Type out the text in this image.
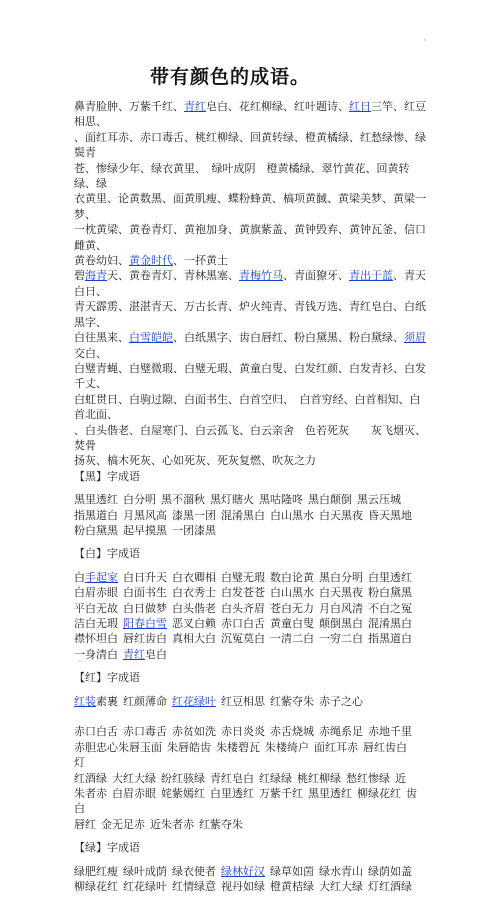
'
带有颜色的成语。

鼻青脸肿、万紫千红、青红皂白、花红柳绿、红叶题诗、红日三竿、红豆相思、

、面红耳赤、赤口毒舌、桃红柳绿、回黄转绿、橙黄橘绿、红愁绿惨、绿鬓青

苍、惨绿少年、绿衣黄里、　绿叶成阴　橙黄橘绿、翠竹黄花、回黄转绿、绿

衣黄里、论黄数黑、面黄肌瘦、蝶粉蜂黄、槁项黄馘、黄梁美梦、黄梁一梦、

一枕黄梁、黄卷青灯、黄袍加身、黄旗紫盖、黄钟毁弃、黄钟瓦釜、信口雌黄、

黄卷幼妇、黄金时代、一抔黄土

碧海青天、黄卷青灯、青林黑塞、青梅竹马、青面獠牙、青出于蓝、青天白日、

青天霹雳、湛湛青天、万古长青、炉火纯青、青钱万选、青红皂白、白纸黑字、

白往黑来、白雪皑皑、白纸黑字、齿白唇红、粉白黛黑、粉白黛绿、须眉交白、

白璧青蝇、白璧微瑕、白璧无瑕、黄童白叟、白发红颜、白发青衫、白发千丈、

白虹贯日、白驹过隙、白面书生、白首空归、　白首穷经、白首相知、白首北面、

、白头偕老、白屋寒门、白云孤飞、白云亲舍　色若死灰　　灰飞烟灭、焚骨

扬灰、槁木死灰、心如死灰、死灰复燃、吹灰之力

【黑】字成语

黑里透红 白分明 黑不溜秋 黑灯瞎火 黑咕隆咚 黑白颠倒 黑云压城

指黑道白 月黑风高 漆黑一团 混淆黑白 白山黑水 白天黑夜 昏天黑地

粉白黛黑 起早摸黑 一团漆黑

【白】字成语

白手起家 白日升天 白衣卿相 白璧无瑕 数白论黄 黑白分明 白里透红

白眉赤眼 白面书生 白衣秀士 白发苍苍 白山黑水 白天黑夜 粉白黛黑

平白无故 白日做梦 白头偕老 白头齐眉 苍白无力 月白风清 不白之冤

洁白无瑕 阳春白雪 恶叉白赖 赤口白舌 黄童白叟 颠倒黑白 混淆黑白

襟怀坦白 唇红齿白 真相大白 沉冤莫白 一清二白 一穷二白 指黑道白

一身清白 青红皂白

【红】字成语

红装素裹 红颜薄命 红花绿叶 红豆相思 红紫夺朱 赤子之心

赤口白舌 赤口毒舌 赤贫如洗 赤日炎炎 赤舌烧城 赤绳系足 赤地千里

赤胆忠心朱唇玉面 朱唇皓齿 朱楼碧瓦 朱楼绮户 面红耳赤 唇红齿白灯

红酒绿 大红大绿 纷红骇绿 青红皂白 红绿绿 桃红柳绿 愁红惨绿 近

朱者赤 白眉赤眼 姹紫嫣红 白里透红 万紫千红 黑里透红 柳绿花红 齿白

唇红 金无足赤 近朱者赤 红紫夺朱

【绿】字成语

绿肥红瘦 绿叶成荫 绿衣使者 绿林好汉 绿草如茵 绿水青山 绿荫如盖

柳绿花红 红花绿叶 红情绿意 视丹如绿 橙黄桔绿 大红大绿 灯红酒绿

''
